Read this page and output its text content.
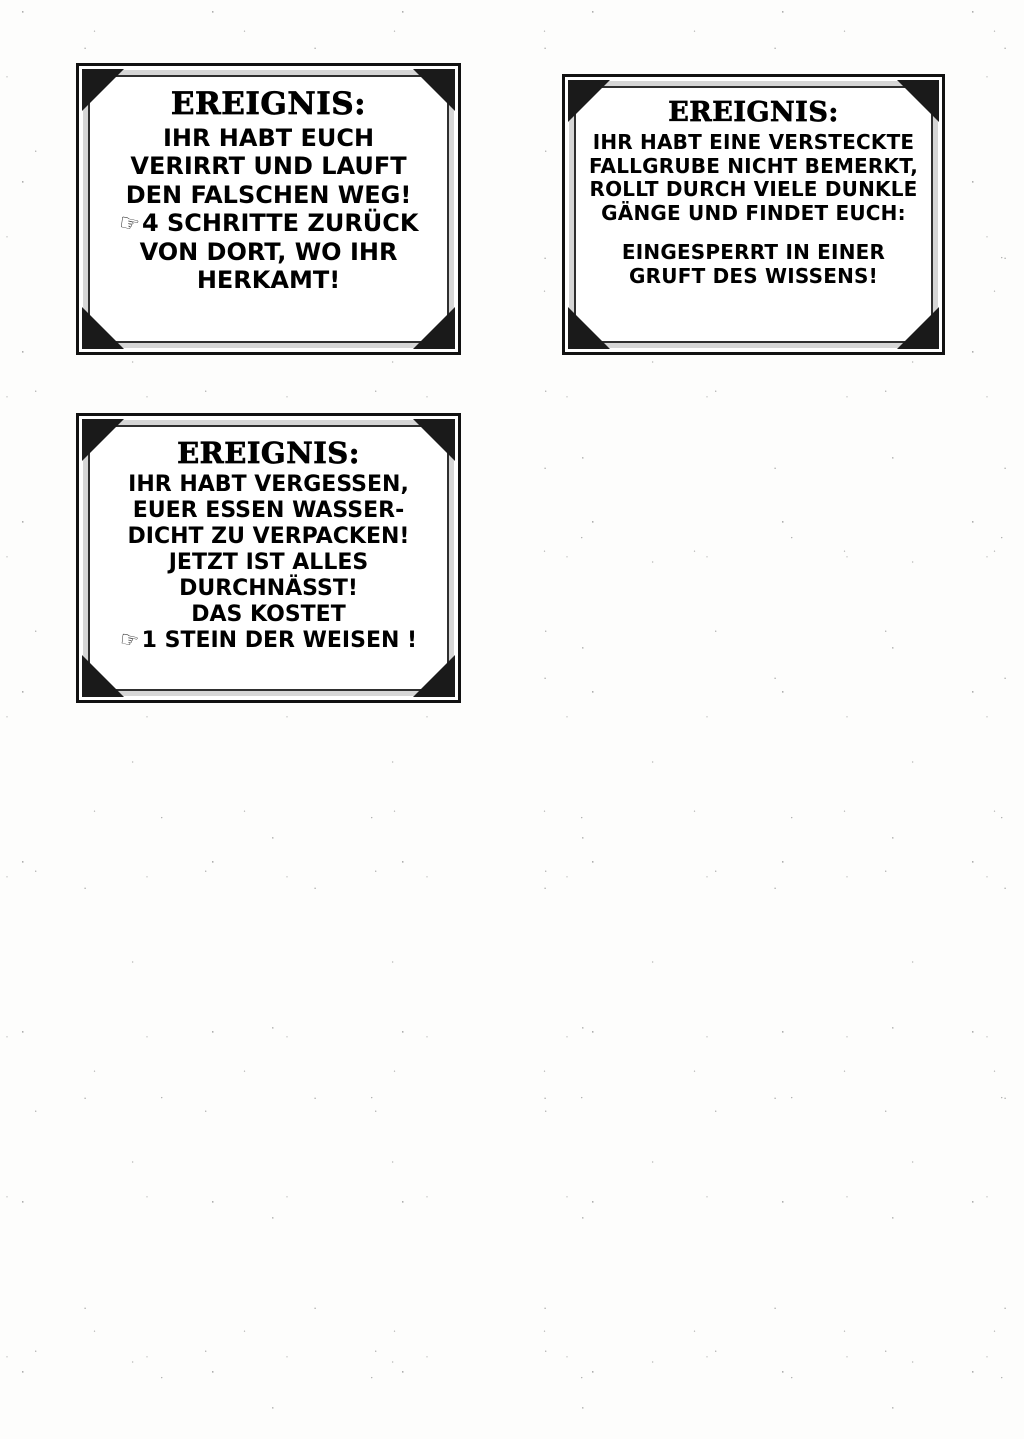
EREIGNIS:
IHR HABT EUCH
VERIRRT UND LAUFT
DEN FALSCHEN WEG!
☜4 SCHRITTE ZURÜCK
VON DORT, WO IHR
HERKAMT!
EREIGNIS:
IHR HABT EINE VERSTECKTE
FALLGRUBE NICHT BEMERKT,
ROLLT DURCH VIELE DUNKLE
GÄNGE UND FINDET EUCH:
EINGESPERRT IN EINER
GRUFT DES WISSENS!
EREIGNIS:
IHR HABT VERGESSEN,
EUER ESSEN WASSER-
DICHT ZU VERPACKEN!
JETZT IST ALLES
DURCHNÄSST!
DAS KOSTET
☜1 STEIN DER WEISEN !
